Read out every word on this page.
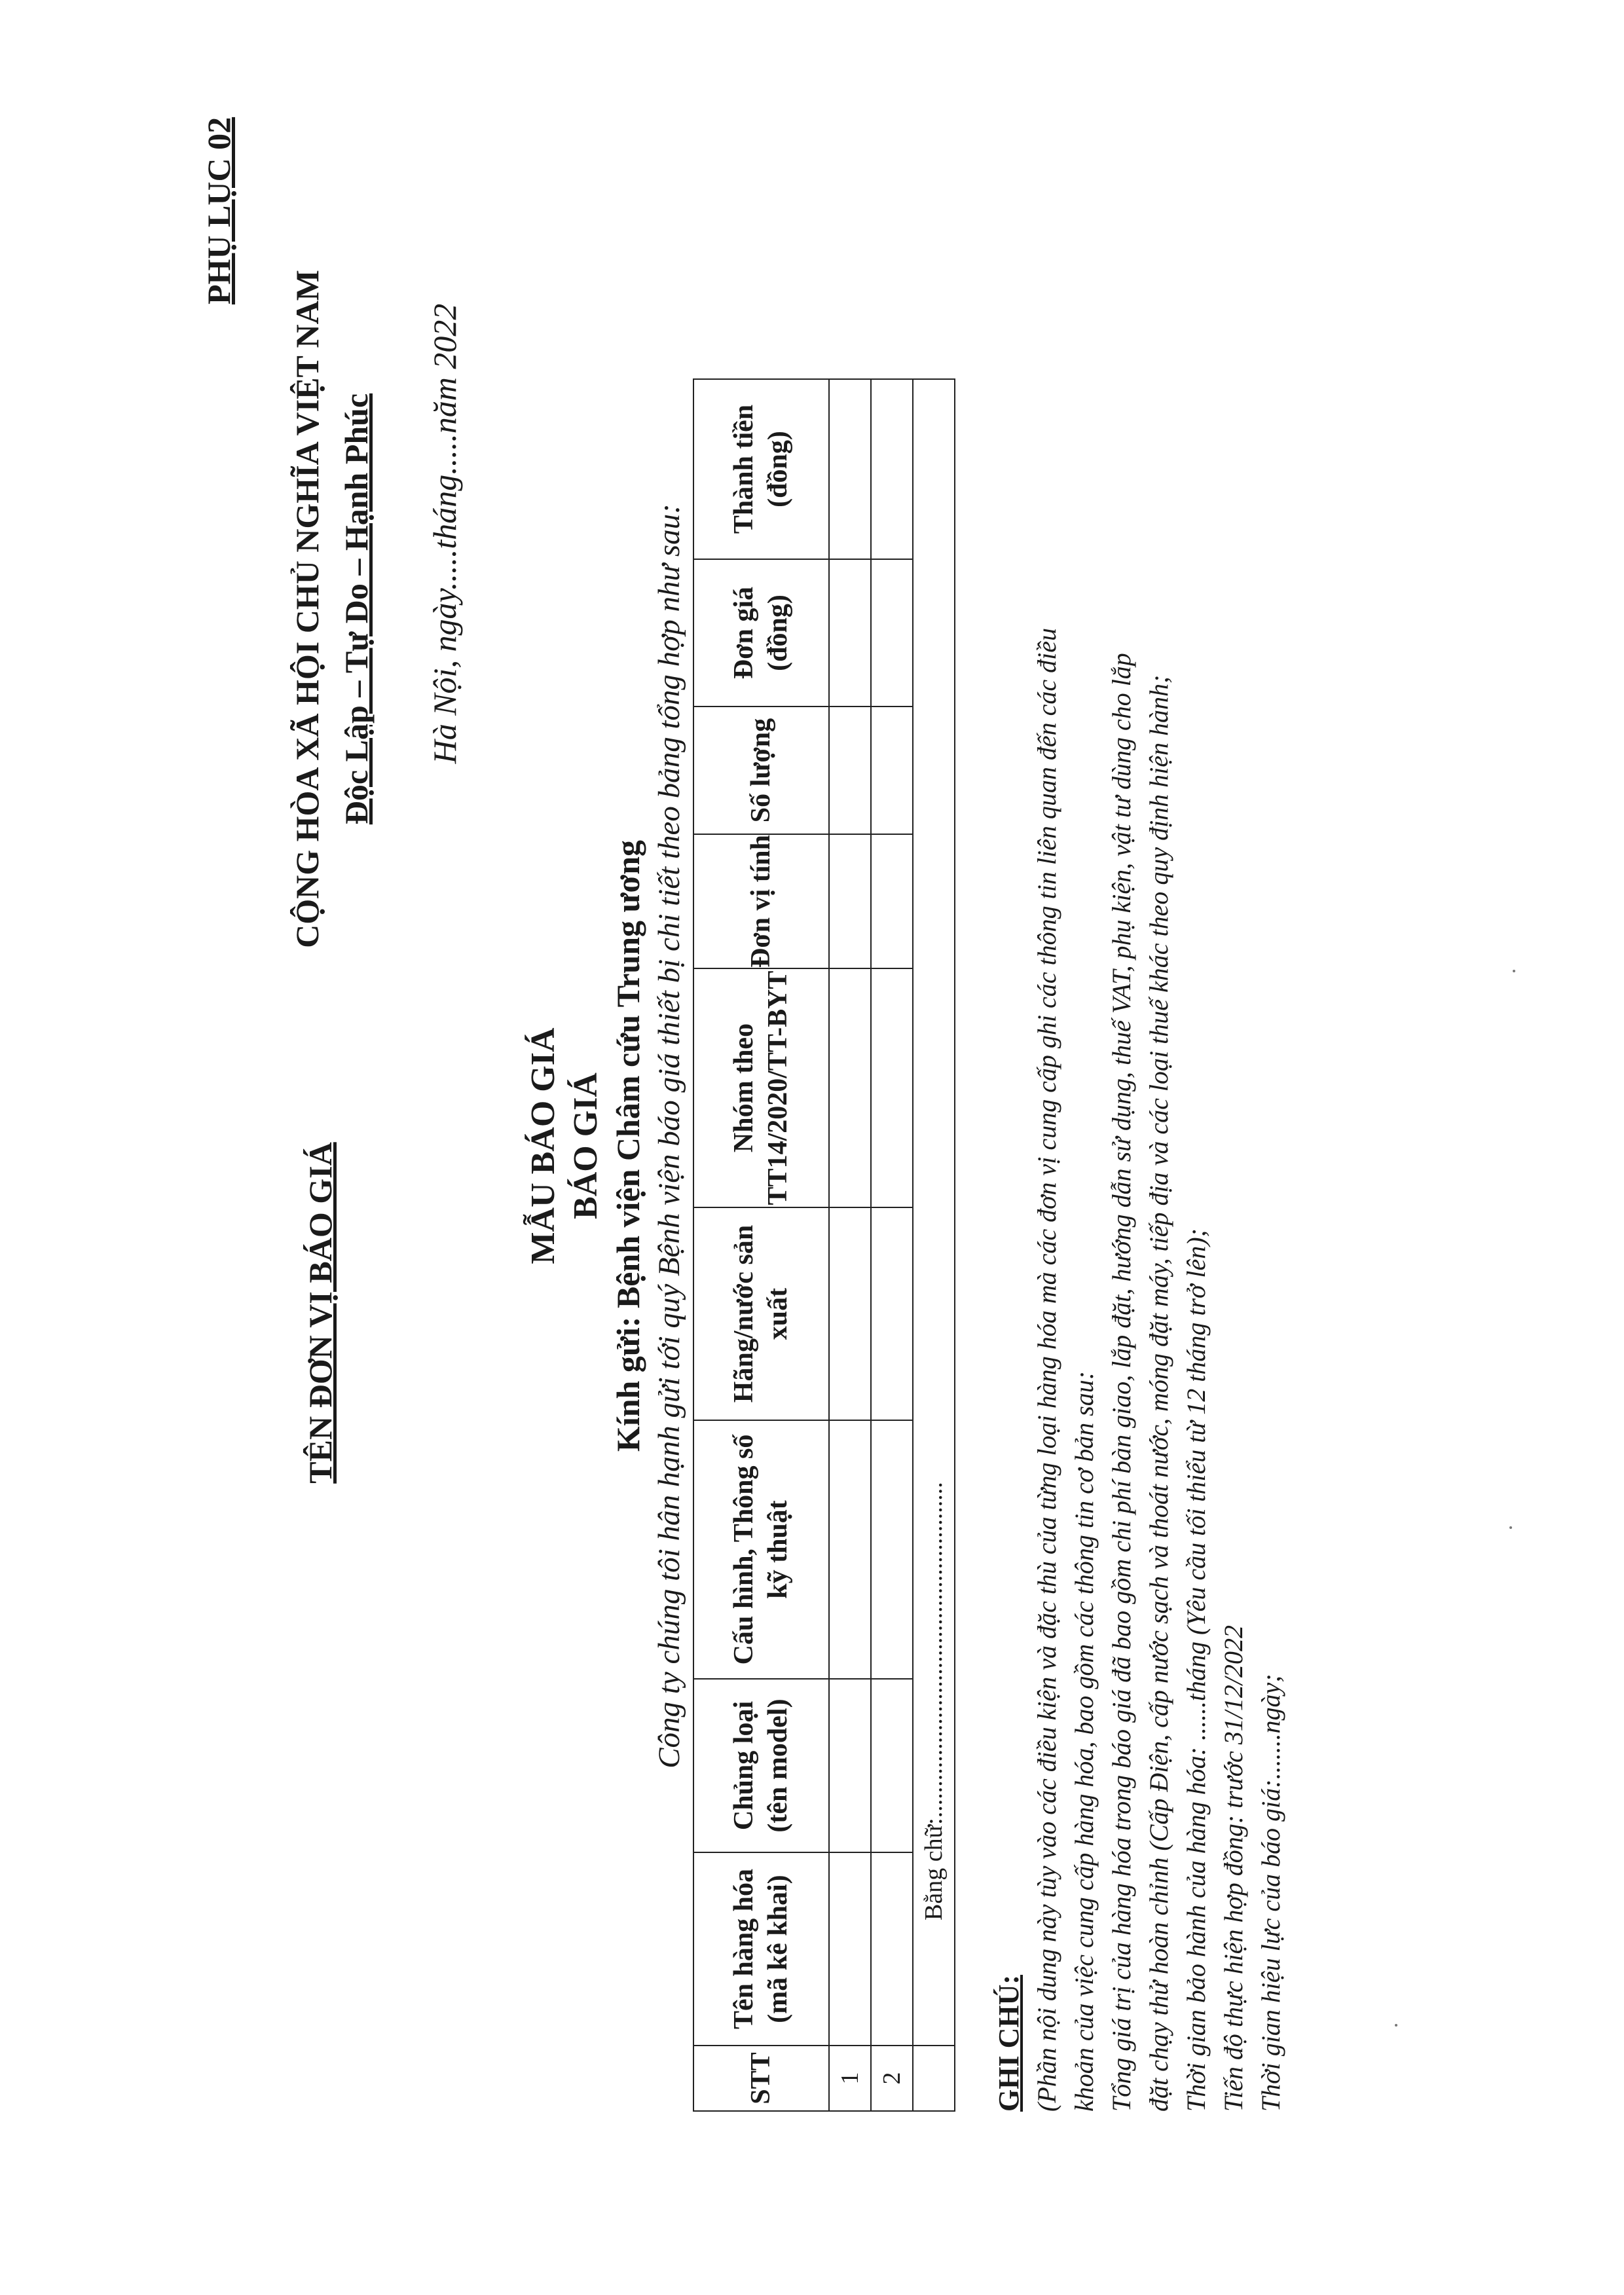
PHỤ LỤC 02
TÊN ĐƠN VỊ BÁO GIÁ
CỘNG HÒA XÃ HỘI CHỦ NGHĨA VIỆT NAM Độc Lập – Tự Do – Hạnh Phúc Hà Nội, ngày.....tháng.....năm 2022
MẪU BÁO GIÁ BÁO GIÁ Kính gửi: Bệnh viện Châm cứu Trung ương Công ty chúng tôi hân hạnh gửi tới quý Bệnh viện báo giá thiết bị chi tiết theo bảng tổng hợp như sau:
STT	Tên hàng hóa (mã kê khai)	Chủng loại (tên model)	Cấu hình, Thông số kỹ thuật	Hãng/nước sản xuất	Nhóm theo TT14/2020/TT-BYT	Đơn vị tính	Số lượng	Đơn giá (đồng)	Thành tiền (đồng)
1									
2									
	Bằng chữ:......................................................								
GHI CHÚ: (Phần nội dung này tùy vào các điều kiện và đặc thù của từng loại hàng hóa mà các đơn vị cung cấp ghi các thông tin liên quan đến các điều khoản của việc cung cấp hàng hóa, bao gồm các thông tin cơ bản sau: Tổng giá trị của hàng hóa trong báo giá đã bao gồm chi phí bàn giao, lắp đặt, hướng dẫn sử dụng, thuế VAT, phụ kiện, vật tư dùng cho lắp đặt chạy thử hoàn chỉnh (Cấp Điện, cấp nước sạch và thoát nước, móng đặt máy, tiếp địa và các loại thuế khác theo quy định hiện hành; Thời gian bảo hành của hàng hóa: ......tháng (Yêu cầu tối thiểu từ 12 tháng trở lên); Tiến độ thực hiện hợp đồng: trước 31/12/2022 Thời gian hiệu lực của báo giá:.......ngày;
